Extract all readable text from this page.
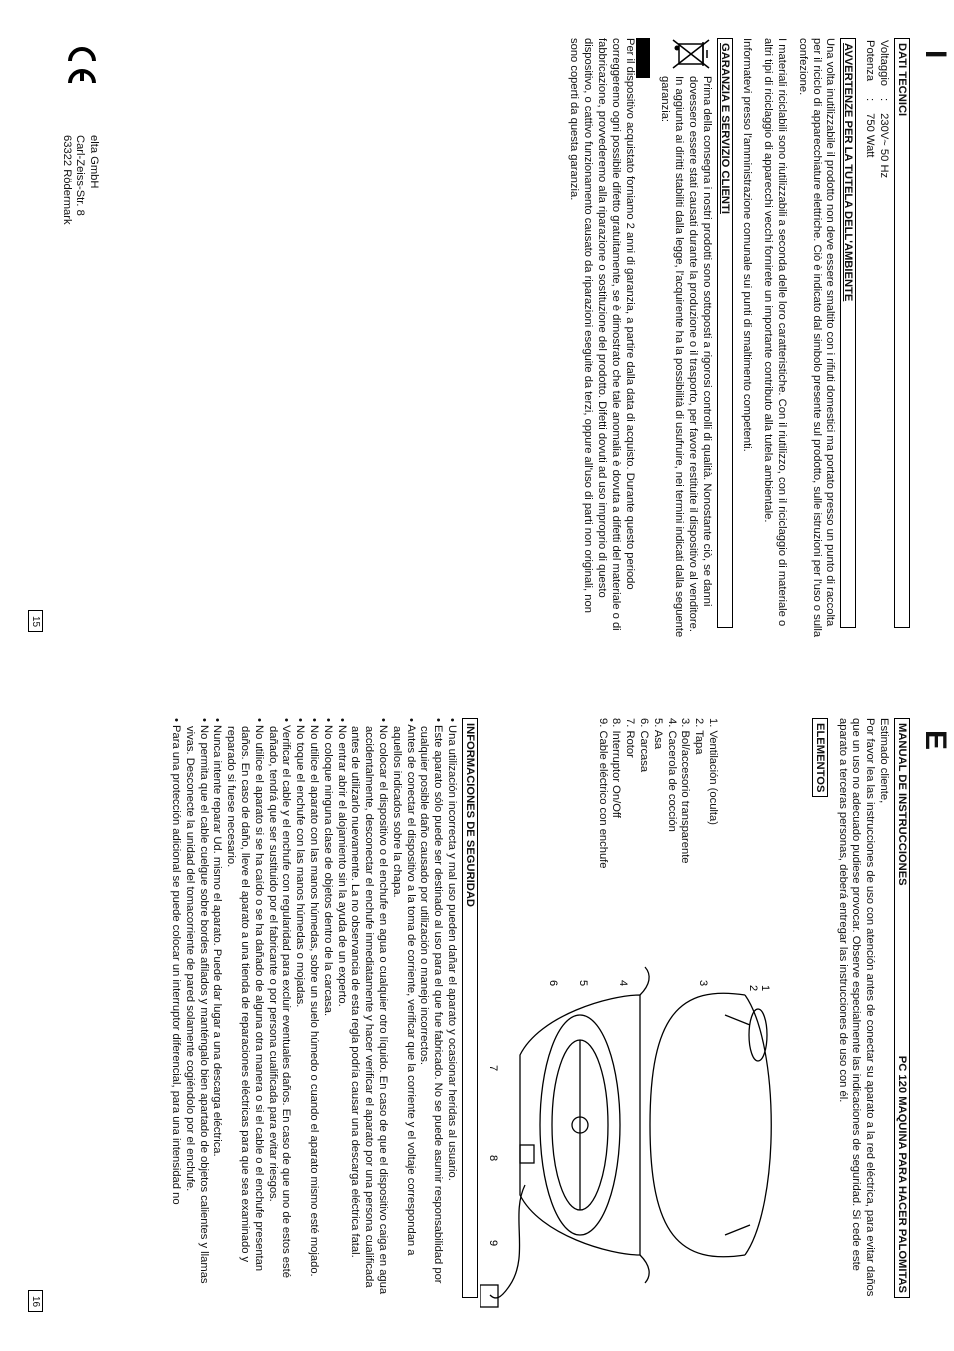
I
DATI TECNICI
Voltaggio	:	230V~ 50 Hz
Potenza	:	750 Watt
AVVERTENZE PER LA TUTELA DELL'AMBIENTE

Una volta inutilizzabile il prodotto non deve essere smaltito con i rifiuti domestici ma portato presso un punto di raccolta per il ricicIo di apparecchiature elettriche. Ciò è indicato dal simbolo presente sul prodotto, sulle istruzioni per l'uso o sulla confezione.

I materiali riciclabili sono riutilizzabili a seconda delle loro caratteristiche. Con il riutilizzo, con il riciclaggio di materiale o altri tipi di riciclaggio di apparecchi vecchi fornirete un importante contributo alla tutela ambientale.

Informatevi presso l'amministrazione comunale sui punti di smaltimento competenti.

GARANZIA E SERVIZIO CLIENTI

Prima della consegna i nostri prodotti sono sottoposti a rigorosi controlli di qualità. Nonostante ciò, se danni dovessero essere stati causati durante la produzione o il trasporto, per favore restituite il dispositivo al venditore. In aggiunta ai diritti stabiliti dalla legge, l'acquirente ha la possibilità di usufruire, nei termini indicati dalla seguente garanzia:

Per il dispositivo acquistato forniamo 2 anni di garanzia, a partire dalla data di acquisto. Durante questo periodo correggeremo ogni possibile difetto gratuitamente, se è dimostrato che tale anomalia è dovuta a difetti del materiale o di fabbricazione, provvederemo alla riparazione o sostituzione del prodotto. Difetti dovuti ad uso improprio di questo dispositivo, o cattivo funzionamento causato da riparazioni eseguite da terzi, oppure all'uso di parti non originali, non sono coperti da questa garanzia.

elta GmbH
Carl-Zeiss-Str. 8
63322 Rödermark
15
E
MANUAL DE INSTRUCCIONES
PC 120 MAQUINA PARA HACER PALOMITAS
Estimado cliente,

Por favor lea las instrucciones de uso con atención antes de conectar su aparato a la red eléctrica, para evitar daños que un uso no adecuado pudiese provocar. Observe especialmente las indicaciones de seguridad. Si cede este aparato a terceras personas, deberá entregar las instrucciones de uso con él.

ELEMENTOS
1. Ventilación (oculta)
2. Tapa
3. Bol/accesorio transparente
4. Cacerola de cocción
5. Asa
6. Carcasa
7. Rotor
8. Interruptor On/Off
9. Cable eléctrico con enchufe
1
2
3
4
5
6
7
8
9
INFORMACIONES DE SEGURIDAD
• Una utilización incorrecta y mal uso pueden dañar el aparato y ocasionar heridas al usuario.
• Este aparato sólo puede ser destinado al uso para el que fue fabricado. No se puede asumir responsabilidad por cualquier posible daño causado por utilización o manejo incorrectos.
• Antes de conectar el dispositivo a la toma de corriente, verificar que la corriente y el voltaje correspondan a aquellos indicados sobre la chapa.
• No colocar el dispositivo o el enchufe en agua o cualquier otro líquido. En caso de que el dispositivo caiga en agua accidentalmente, desconectar el enchufe inmediatamente y hacer verificar el aparato por una persona cualificada antes de utilizarlo nuevamente. La no observancia de esta regla podría causar una descarga eléctrica fatal.
• No entrar abrir el alojamiento sin la ayuda de un experto.
• No coloque ninguna clase de objetos dentro de la carcasa.
• No utilice el aparato con las manos húmedas, sobre un suelo húmedo o cuando el aparato mismo esté mojado.
• No toque el enchufe con las manos húmedas o mojadas.
• Verificar el cable y el enchufe con regularidad para excluir eventuales daños. En caso de que uno de estos esté dañado, tendrá que ser sustituido por el fabricante o por persona cualificada para evitar riesgos.
• No utilice el aparato si se ha caído o se ha dañado de alguna otra manera o si el cable o el enchufe presentan daños. En caso de daño, lleve el aparato a una tienda de reparaciones eléctricas para que sea examinado y reparado si fuese necesario.
• Nunca intente reparar Ud. mismo el aparato. Puede dar lugar a una descarga eléctrica.
• No permita que el cable cuelgue sobre bordes afilados y manténgalo bien apartado de objetos calientes y llamas vivas. Desconecte la unidad del tomacorriente de pared solamente cogiéndolo por el enchufe.
• Para una protección adicional se puede colocar un interruptor diferencial, para una intensidad no
16
